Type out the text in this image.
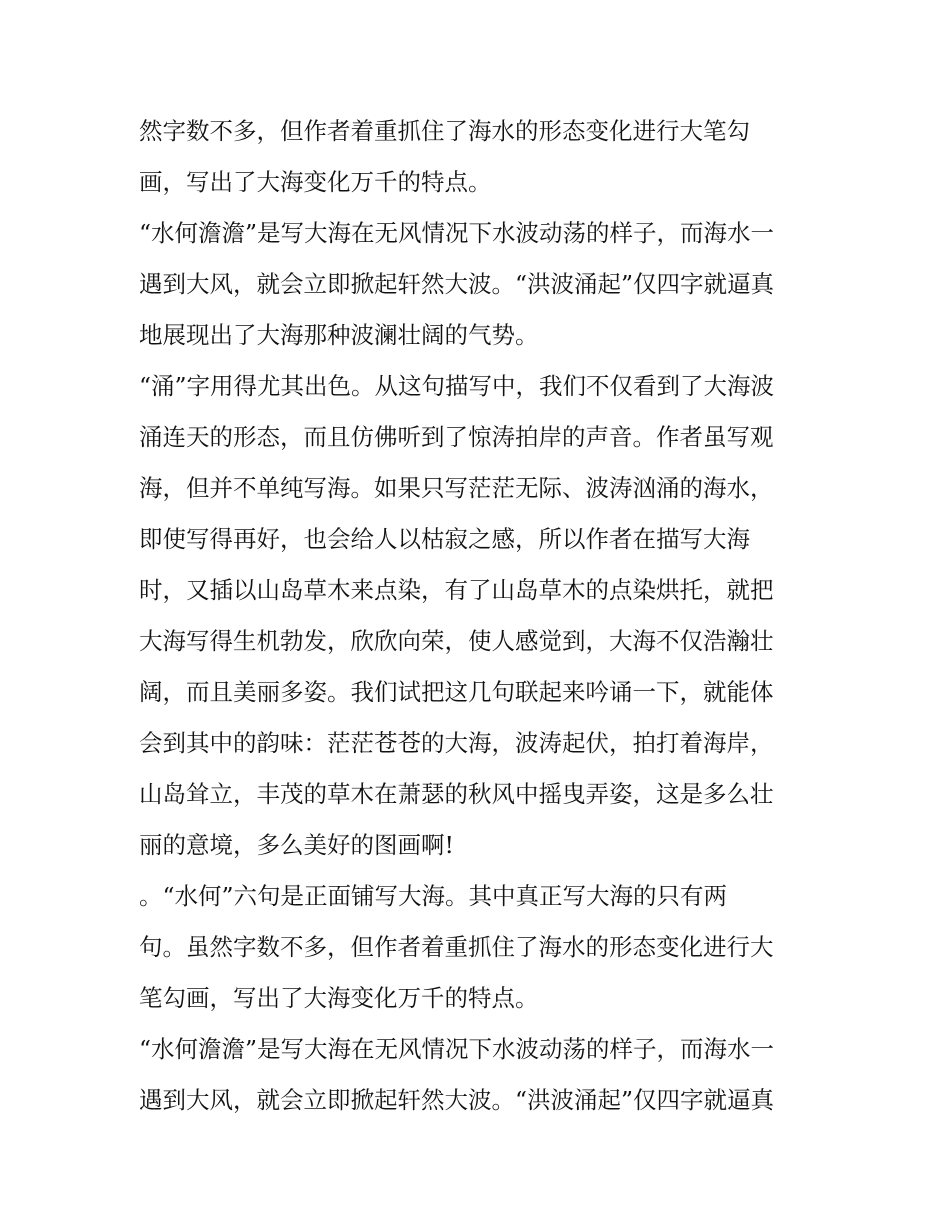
然字数不多，但作者着重抓住了海水的形态变化进行大笔勾
画，写出了大海变化万千的特点。
“水何澹澹”是写大海在无风情况下水波动荡的样子，而海水一
遇到大风，就会立即掀起轩然大波。“洪波涌起”仅四字就逼真
地展现出了大海那种波澜壮阔的气势。
“涌”字用得尤其出色。从这句描写中，我们不仅看到了大海波
涌连天的形态，而且仿佛听到了惊涛拍岸的声音。作者虽写观
海，但并不单纯写海。如果只写茫茫无际、波涛汹涌的海水，
即使写得再好，也会给人以枯寂之感，所以作者在描写大海
时，又插以山岛草木来点染，有了山岛草木的点染烘托，就把
大海写得生机勃发，欣欣向荣，使人感觉到，大海不仅浩瀚壮
阔，而且美丽多姿。我们试把这几句联起来吟诵一下，就能体
会到其中的韵味：茫茫苍苍的大海，波涛起伏，拍打着海岸，
山岛耸立，丰茂的草木在萧瑟的秋风中摇曳弄姿，这是多么壮
丽的意境，多么美好的图画啊!
。“水何”六句是正面铺写大海。其中真正写大海的只有两
句。虽然字数不多，但作者着重抓住了海水的形态变化进行大
笔勾画，写出了大海变化万千的特点。
“水何澹澹”是写大海在无风情况下水波动荡的样子，而海水一
遇到大风，就会立即掀起轩然大波。“洪波涌起”仅四字就逼真
